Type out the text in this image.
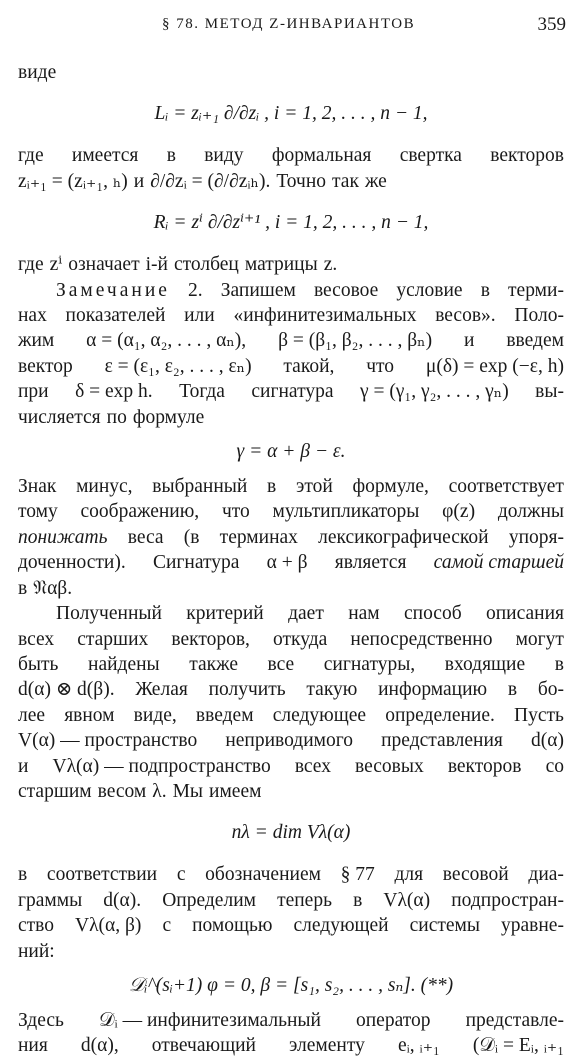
§ 78. МЕТОД Z-ИНВАРИАНТОВ	359
виде
Lᵢ = zᵢ₊₁ ∂/∂zᵢ , i = 1, 2, . . . , n − 1,
где имеется в виду формальная свертка векторов
zᵢ₊₁ = (zᵢ₊₁, ₕ) и ∂/∂zᵢ = (∂/∂zᵢₕ). Точно так же
Rᵢ = zⁱ ∂/∂zⁱ⁺¹ , i = 1, 2, . . . , n − 1,
где zⁱ означает i-й столбец матрицы z.
Замечание 2. Запишем весовое условие в терми-
нах показателей или «инфинитезимальных весов». Поло-
жим α = (α₁, α₂, . . . , αₙ), β = (β₁, β₂, . . . , βₙ) и введем
вектор ε = (ε₁, ε₂, . . . , εₙ) такой, что μ(δ) = exp (−ε, h)
при δ = exp h. Тогда сигнатура γ = (γ₁, γ₂, . . . , γₙ) вы-
числяется по формуле
γ = α + β − ε.
Знак минус, выбранный в этой формуле, соответствует
тому соображению, что мультипликаторы φ(z) должны
понижать веса (в терминах лексикографической упоря-
доченности). Сигнатура α + β является самой старшей
в 𝔑αβ.
Полученный критерий дает нам способ описания
всех старших векторов, откуда непосредственно могут
быть найдены также все сигнатуры, входящие в
d(α) ⊗ d(β). Желая получить такую информацию в бо-
лее явном виде, введем следующее определение. Пусть
V(α) — пространство неприводимого представления d(α)
и Vλ(α) — подпространство всех весовых векторов со
старшим весом λ. Мы имеем
nλ = dim Vλ(α)
в соответствии с обозначением § 77 для весовой диа-
граммы d(α). Определим теперь в Vλ(α) подпростран-
ство Vλ(α, β) с помощью следующей системы уравне-
ний:
𝒟ᵢ^(sᵢ+1) φ = 0, β = [s₁, s₂, . . . , sₙ]. (**)
Здесь 𝒟ᵢ — инфинитезимальный оператор представле-
ния d(α), отвечающий элементу eᵢ, ᵢ₊₁ (𝒟ᵢ = Eᵢ, ᵢ₊₁
